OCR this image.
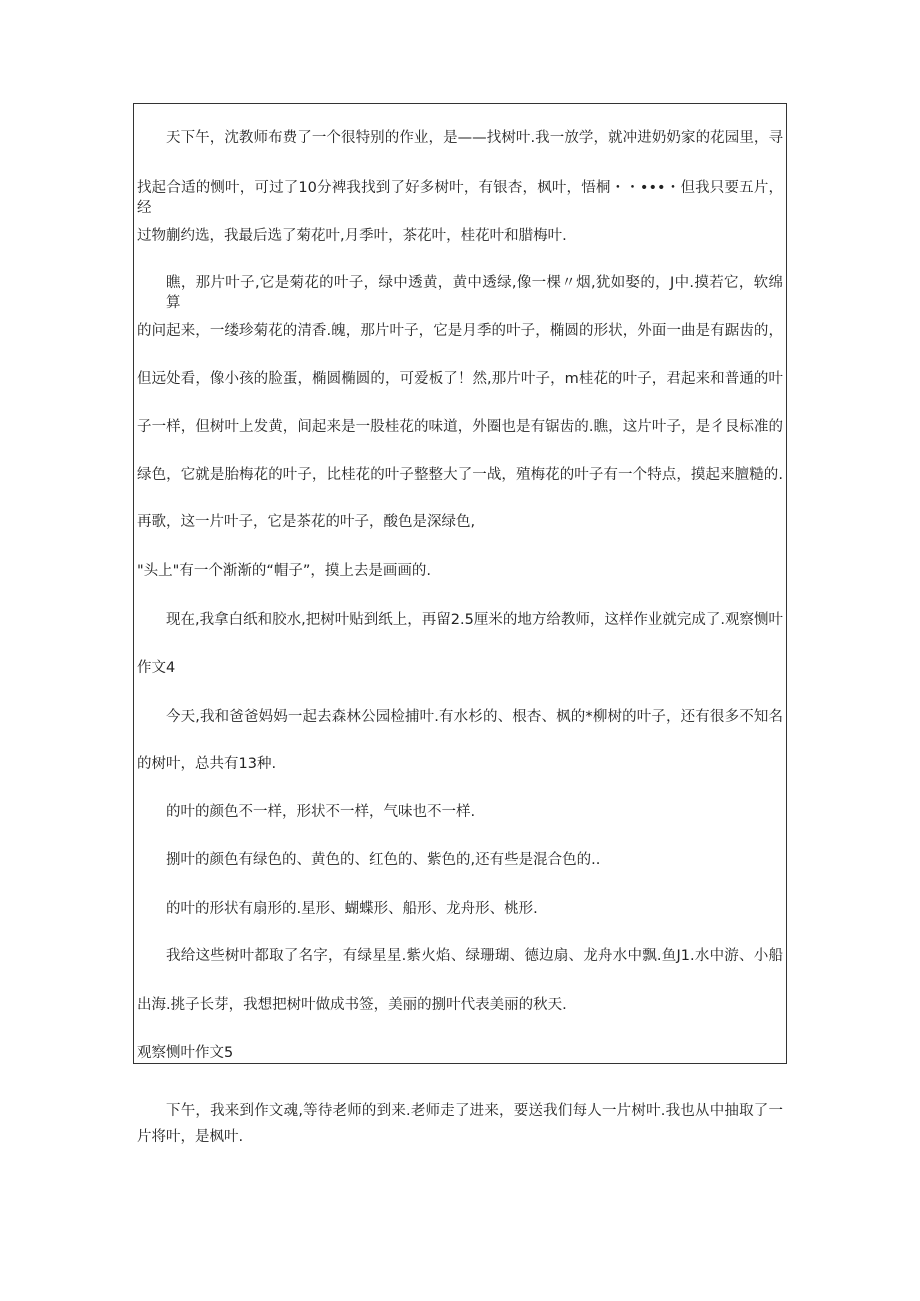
天下午，沈教师布费了一个很特别的作业，是——找树叶.我一放学，就冲进奶奶家的花园里，寻
找起合适的恻叶，可过了10分裨我找到了好多树叶，有银杏，枫叶，悟桐・・•••・但我只要五片，经
过物蒯约选，我最后选了菊花叶,月季叶，茶花叶，桂花叶和腊梅叶.
瞧，那片叶子,它是菊花的叶子，绿中透黄，黄中透绿,像一棵〃烟,犹如娶的，J中.摸若它，软绵算
的问起来，一缕珍菊花的清香.魄，那片叶子，它是月季的叶子，椭圆的形状，外面一曲是有踞齿的，
但远处看，像小孩的脸蛋，椭圆椭圆的，可爱板了！然,那片叶子，m桂花的叶子，君起来和普通的叶
子一样，但树叶上发黄，间起来是一股桂花的味道，外圈也是有锯齿的.瞧，这片叶子，是彳艮标准的
绿色，它就是胎梅花的叶子，比桂花的叶子整整大了一战，殖梅花的叶子有一个特点，摸起来膻糙的.
再歌，这一片叶子，它是茶花的叶子，酸色是深绿色,
"头上"有一个渐渐的“帽子”，摸上去是画画的.
现在,我拿白纸和胶水,把树叶贴到纸上，再留2.5厘米的地方给教师，这样作业就完成了.观察恻叶
作文4
今天,我和爸爸妈妈一起去森林公园检捕叶.有水杉的、根杏、枫的*柳树的叶子，还有很多不知名
的树叶，总共有13种.
的叶的颜色不一样，形状不一样，气味也不一样.
捌叶的颜色有绿色的、黄色的、红色的、紫色的,还有些是混合色的..
的叶的形状有扇形的.星形、蝴蝶形、船形、龙舟形、桃形.
我给这些树叶都取了名字，有绿星星.紫火焰、绿珊瑚、德边扇、龙舟水中飘.鱼J1.水中游、小船
出海.挑子长芽，我想把树叶做成书签，美丽的捌叶代表美丽的秋天.
观察恻叶作文5
下午，我来到作文魂,等待老师的到来.老师走了进来，要送我们每人一片树叶.我也从中抽取了一
片将叶，是枫叶.
